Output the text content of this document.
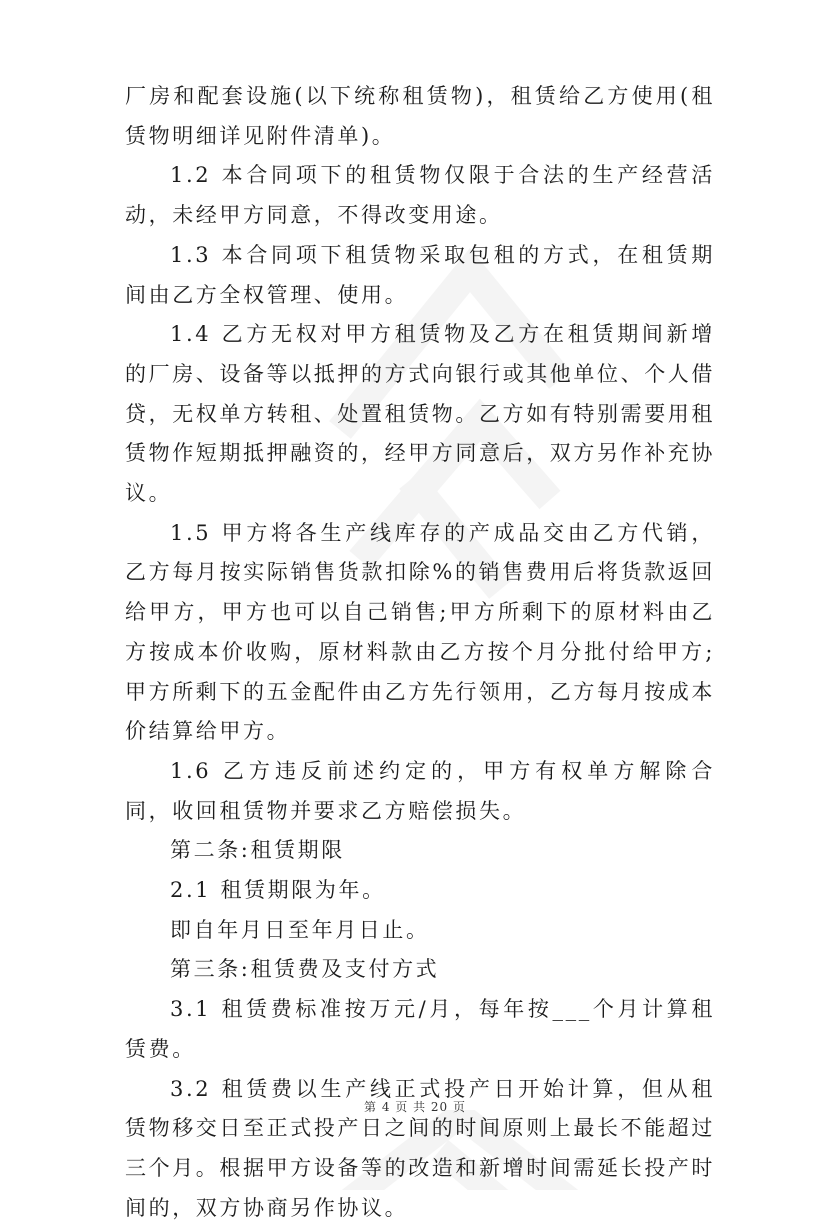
厂房和配套设施(以下统称租赁物)，租赁给乙方使用(租赁物明细详见附件清单)。

1.2 本合同项下的租赁物仅限于合法的生产经营活动，未经甲方同意，不得改变用途。

1.3 本合同项下租赁物采取包租的方式，在租赁期间由乙方全权管理、使用。

1.4 乙方无权对甲方租赁物及乙方在租赁期间新增的厂房、设备等以抵押的方式向银行或其他单位、个人借贷，无权单方转租、处置租赁物。乙方如有特别需要用租赁物作短期抵押融资的，经甲方同意后，双方另作补充协议。

1.5 甲方将各生产线库存的产成品交由乙方代销，乙方每月按实际销售货款扣除%的销售费用后将货款返回给甲方，甲方也可以自己销售;甲方所剩下的原材料由乙方按成本价收购，原材料款由乙方按个月分批付给甲方;甲方所剩下的五金配件由乙方先行领用，乙方每月按成本价结算给甲方。

1.6 乙方违反前述约定的，甲方有权单方解除合同，收回租赁物并要求乙方赔偿损失。

第二条:租赁期限

2.1 租赁期限为年。

即自年月日至年月日止。

第三条:租赁费及支付方式

3.1 租赁费标准按万元/月，每年按___个月计算租赁费。

3.2 租赁费以生产线正式投产日开始计算，但从租赁物移交日至正式投产日之间的时间原则上最长不能超过三个月。根据甲方设备等的改造和新增时间需延长投产时间的，双方协商另作协议。

第 4 页 共 20 页
